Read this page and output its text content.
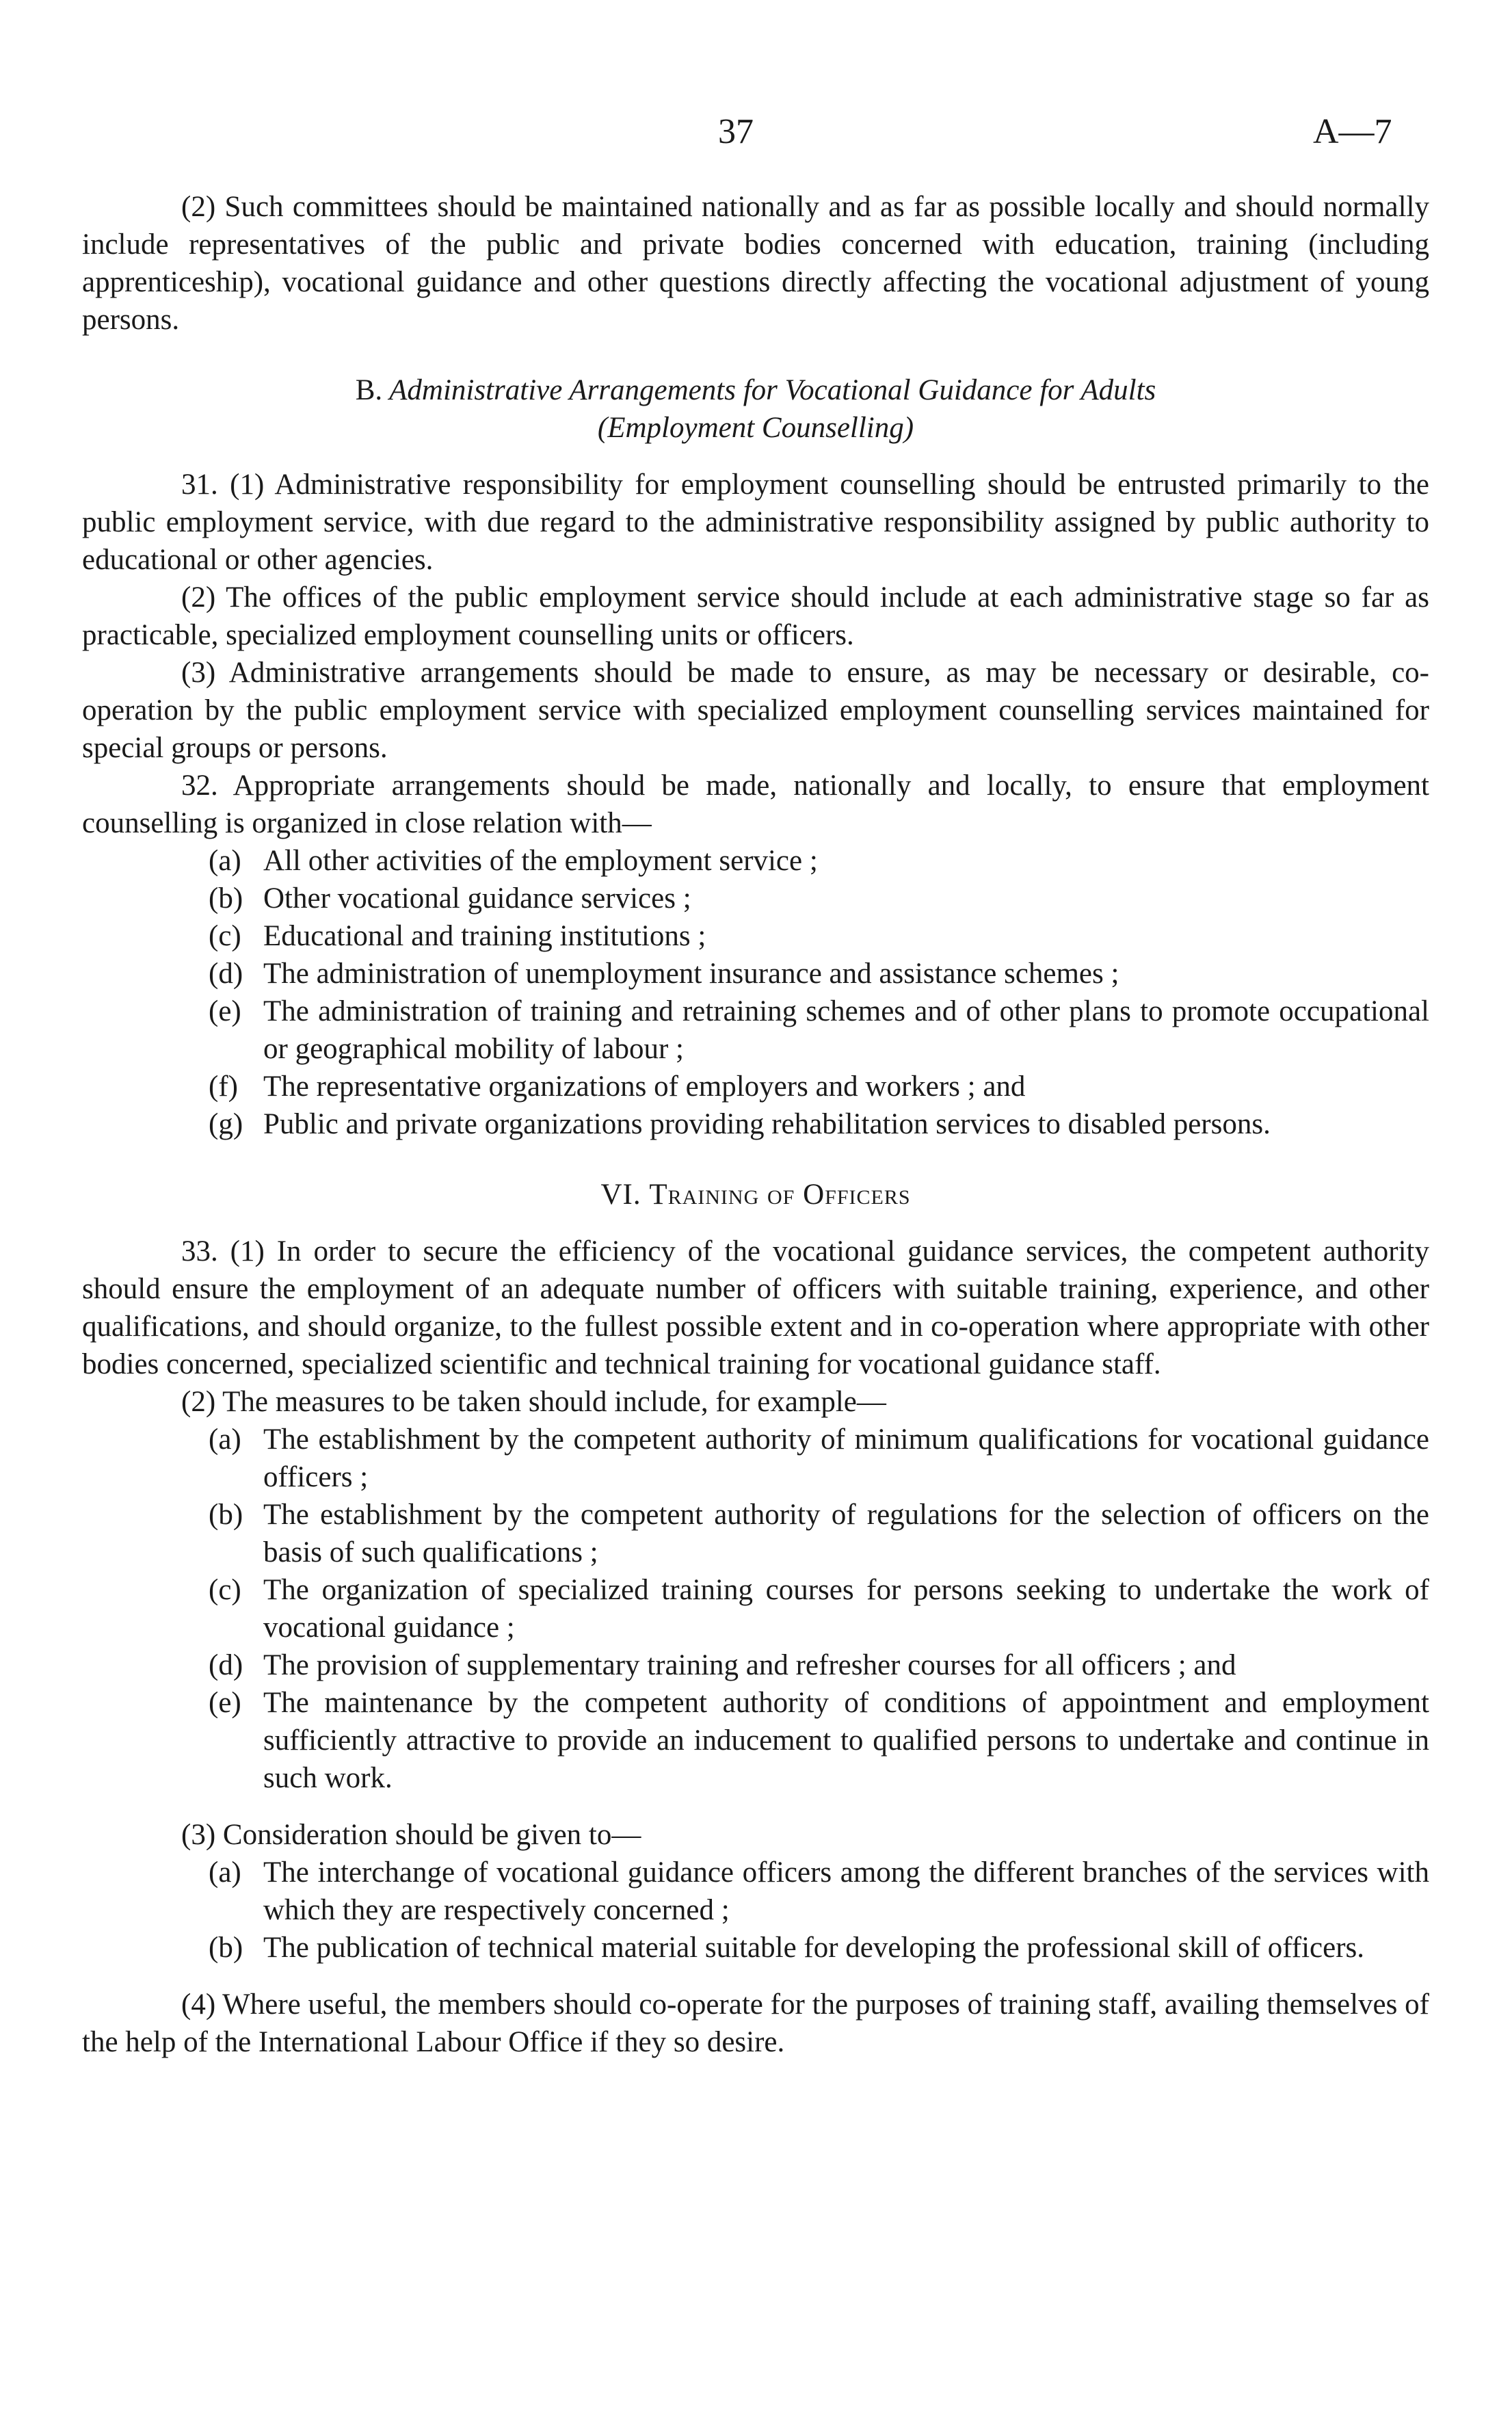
37	A—7

(2) Such committees should be maintained nationally and as far as possible locally and should normally include representatives of the public and private bodies concerned with education, training (including apprenticeship), vocational guidance and other questions directly affecting the vocational adjustment of young persons.

B. Administrative Arrangements for Vocational Guidance for Adults
(Employment Counselling)

31. (1) Administrative responsibility for employment counselling should be entrusted primarily to the public employment service, with due regard to the administrative responsibility assigned by public authority to educational or other agencies.

(2) The offices of the public employment service should include at each administrative stage so far as practicable, specialized employment counselling units or officers.

(3) Administrative arrangements should be made to ensure, as may be necessary or desirable, co-operation by the public employment service with specialized employment counselling services maintained for special groups or persons.

32. Appropriate arrangements should be made, nationally and locally, to ensure that employment counselling is organized in close relation with—

(a) All other activities of the employment service ;
(b) Other vocational guidance services ;
(c) Educational and training institutions ;
(d) The administration of unemployment insurance and assistance schemes ;
(e) The administration of training and retraining schemes and of other plans to promote occupational or geographical mobility of labour ;
(f) The representative organizations of employers and workers ; and
(g) Public and private organizations providing rehabilitation services to disabled persons.
VI. Training of Officers

33. (1) In order to secure the efficiency of the vocational guidance services, the competent authority should ensure the employment of an adequate number of officers with suitable training, experience, and other qualifications, and should organize, to the fullest possible extent and in co-operation where appropriate with other bodies concerned, specialized scientific and technical training for vocational guidance staff.

(2) The measures to be taken should include, for example—

(a) The establishment by the competent authority of minimum qualifications for vocational guidance officers ;
(b) The establishment by the competent authority of regulations for the selection of officers on the basis of such qualifications ;
(c) The organization of specialized training courses for persons seeking to undertake the work of vocational guidance ;
(d) The provision of supplementary training and refresher courses for all officers ; and
(e) The maintenance by the competent authority of conditions of appointment and employment sufficiently attractive to provide an inducement to qualified persons to undertake and continue in such work.

(3) Consideration should be given to—

(a) The interchange of vocational guidance officers among the different branches of the services with which they are respectively concerned ;
(b) The publication of technical material suitable for developing the professional skill of officers.

(4) Where useful, the members should co-operate for the purposes of training staff, availing themselves of the help of the International Labour Office if they so desire.
